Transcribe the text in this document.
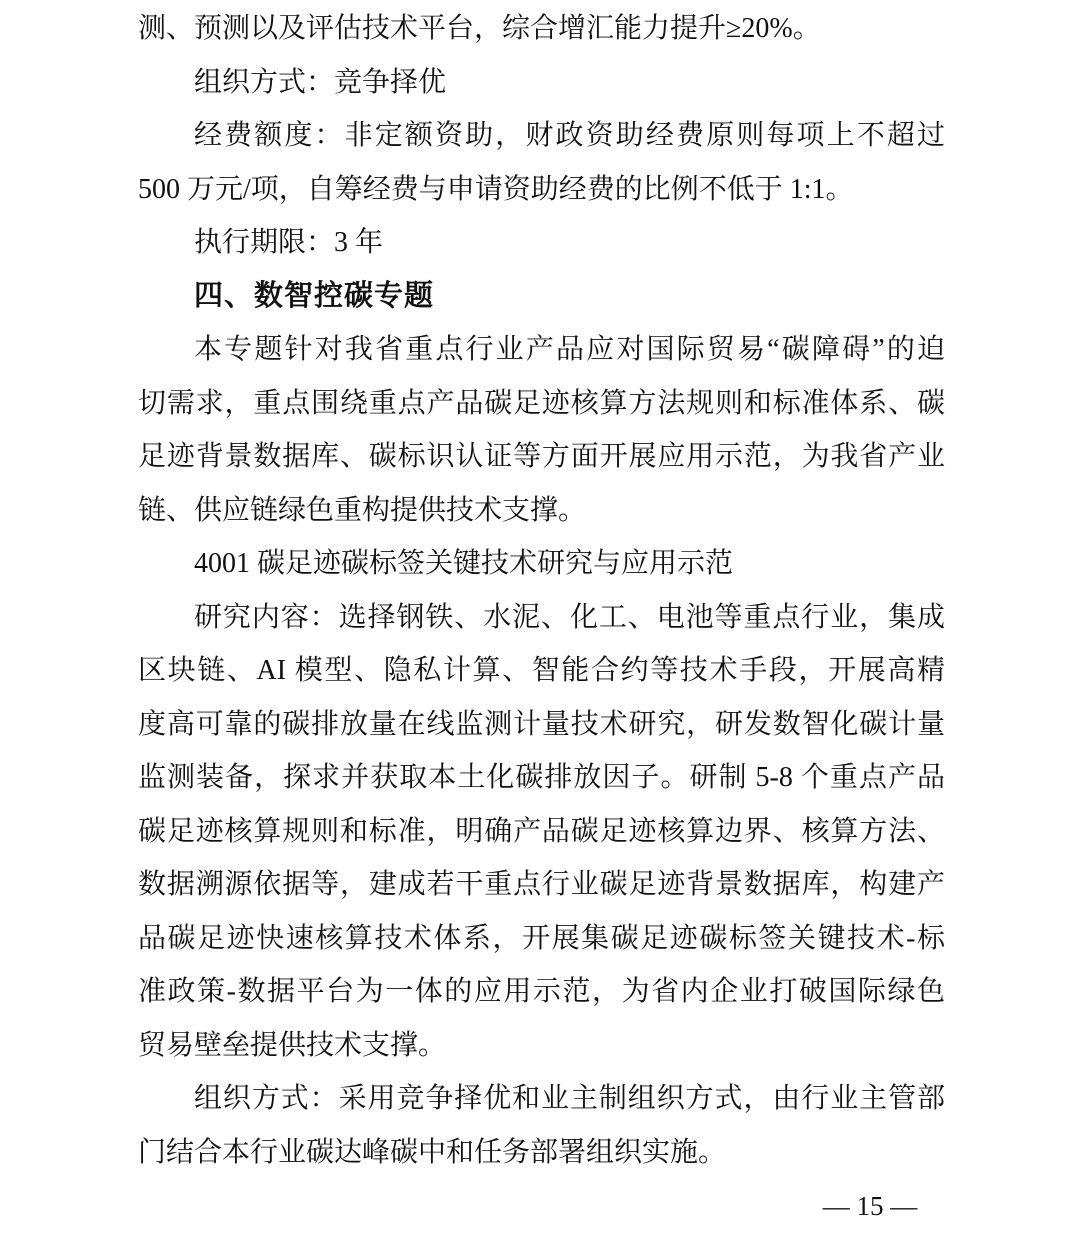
测、预测以及评估技术平台，综合增汇能力提升≥20%。
组织方式：竞争择优
经费额度：非定额资助，财政资助经费原则每项上不超过
500 万元/项，自筹经费与申请资助经费的比例不低于 1:1。
执行期限：3 年
四、数智控碳专题
本专题针对我省重点行业产品应对国际贸易“碳障碍”的迫
切需求，重点围绕重点产品碳足迹核算方法规则和标准体系、碳
足迹背景数据库、碳标识认证等方面开展应用示范，为我省产业
链、供应链绿色重构提供技术支撑。
4001 碳足迹碳标签关键技术研究与应用示范
研究内容：选择钢铁、水泥、化工、电池等重点行业，集成
区块链、AI 模型、隐私计算、智能合约等技术手段，开展高精
度高可靠的碳排放量在线监测计量技术研究，研发数智化碳计量
监测装备，探求并获取本土化碳排放因子。研制 5-8 个重点产品
碳足迹核算规则和标准，明确产品碳足迹核算边界、核算方法、
数据溯源依据等，建成若干重点行业碳足迹背景数据库，构建产
品碳足迹快速核算技术体系，开展集碳足迹碳标签关键技术-标
准政策-数据平台为一体的应用示范，为省内企业打破国际绿色
贸易壁垒提供技术支撑。
组织方式：采用竞争择优和业主制组织方式，由行业主管部
门结合本行业碳达峰碳中和任务部署组织实施。
— 15 —
